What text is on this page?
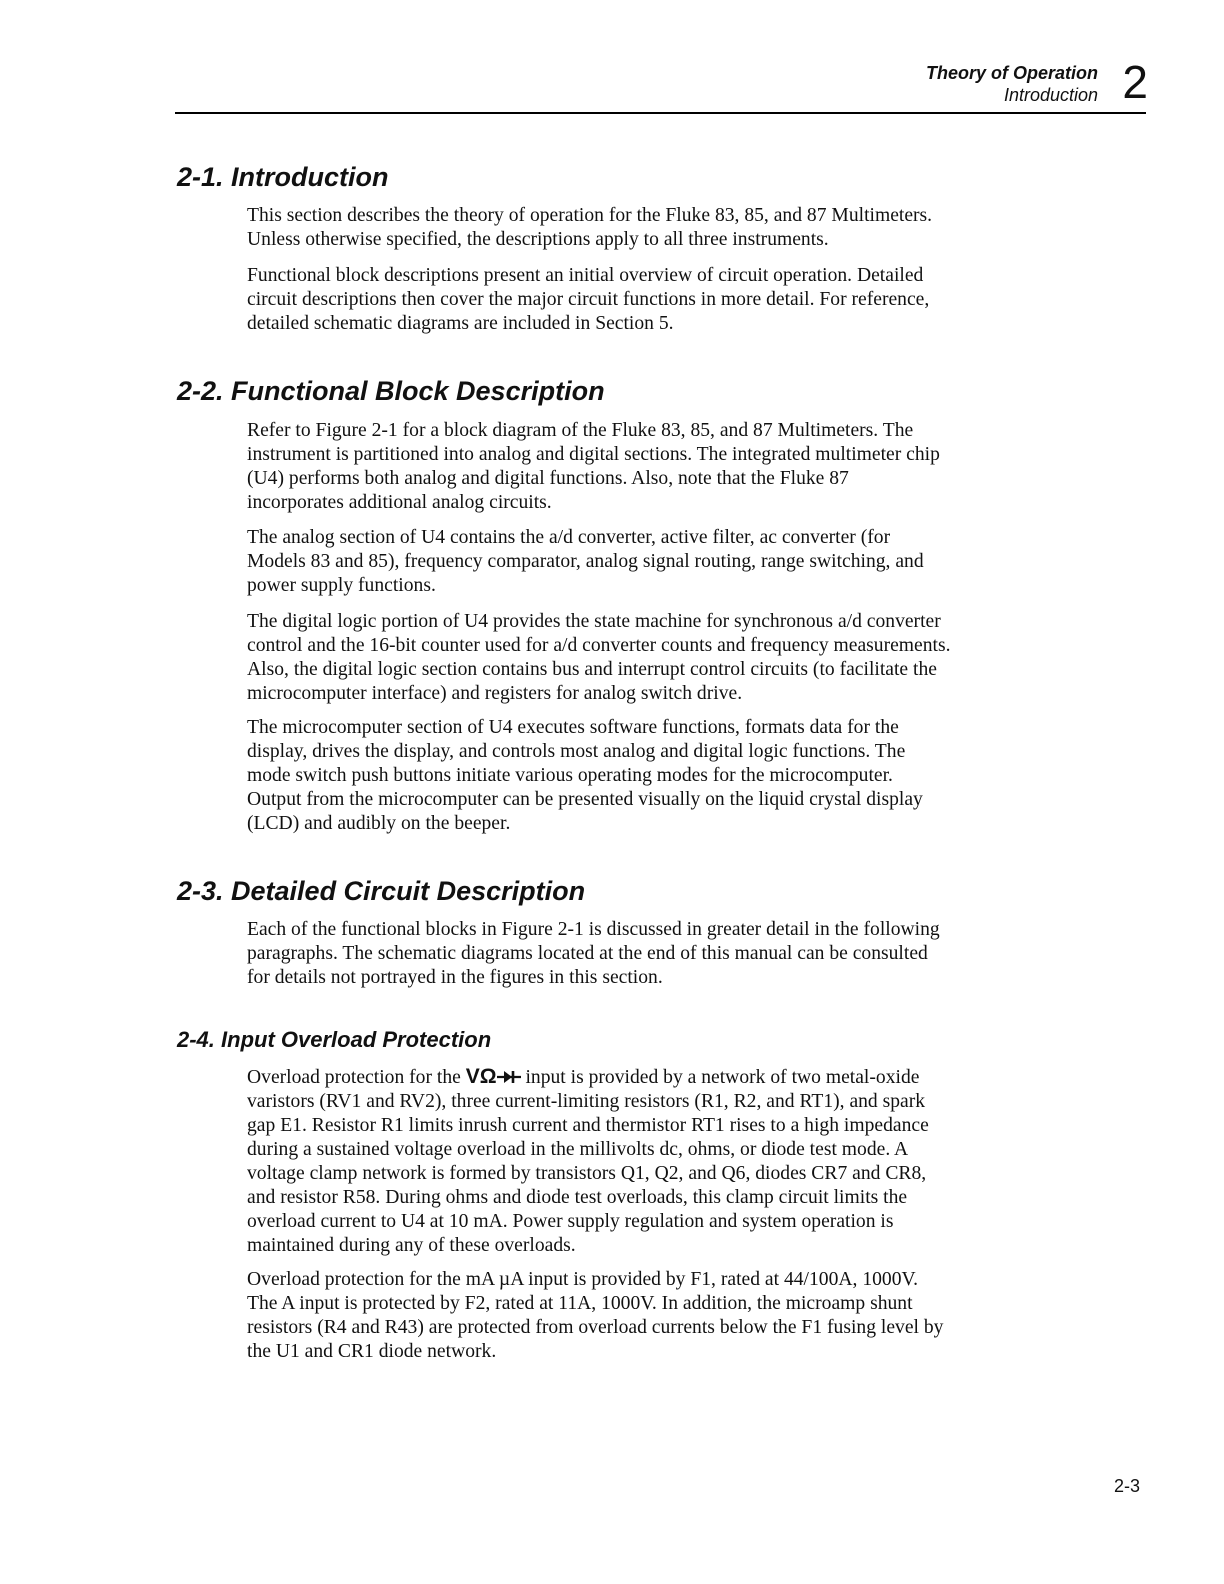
Theory of Operation
Introduction 2
2-1. Introduction

This section describes the theory of operation for the Fluke 83, 85, and 87 Multimeters.
Unless otherwise specified, the descriptions apply to all three instruments.

Functional block descriptions present an initial overview of circuit operation. Detailed
circuit descriptions then cover the major circuit functions in more detail. For reference,
detailed schematic diagrams are included in Section 5.

2-2. Functional Block Description

Refer to Figure 2-1 for a block diagram of the Fluke 83, 85, and 87 Multimeters. The
instrument is partitioned into analog and digital sections. The integrated multimeter chip
(U4) performs both analog and digital functions. Also, note that the Fluke 87
incorporates additional analog circuits.

The analog section of U4 contains the a/d converter, active filter, ac converter (for
Models 83 and 85), frequency comparator, analog signal routing, range switching, and
power supply functions.

The digital logic portion of U4 provides the state machine for synchronous a/d converter
control and the 16-bit counter used for a/d converter counts and frequency measurements.
Also, the digital logic section contains bus and interrupt control circuits (to facilitate the
microcomputer interface) and registers for analog switch drive.

The microcomputer section of U4 executes software functions, formats data for the
display, drives the display, and controls most analog and digital logic functions. The
mode switch push buttons initiate various operating modes for the microcomputer.
Output from the microcomputer can be presented visually on the liquid crystal display
(LCD) and audibly on the beeper.

2-3. Detailed Circuit Description

Each of the functional blocks in Figure 2-1 is discussed in greater detail in the following
paragraphs. The schematic diagrams located at the end of this manual can be consulted
for details not portrayed in the figures in this section.

2-4. Input Overload Protection

Overload protection for the VΩ input is provided by a network of two metal-oxide
varistors (RV1 and RV2), three current-limiting resistors (R1, R2, and RT1), and spark
gap E1. Resistor R1 limits inrush current and thermistor RT1 rises to a high impedance
during a sustained voltage overload in the millivolts dc, ohms, or diode test mode. A
voltage clamp network is formed by transistors Q1, Q2, and Q6, diodes CR7 and CR8,
and resistor R58. During ohms and diode test overloads, this clamp circuit limits the
overload current to U4 at 10 mA. Power supply regulation and system operation is
maintained during any of these overloads.

Overload protection for the mA µA input is provided by F1, rated at 44/100A, 1000V.
The A input is protected by F2, rated at 11A, 1000V. In addition, the microamp shunt
resistors (R4 and R43) are protected from overload currents below the F1 fusing level by
the U1 and CR1 diode network.

2-3
